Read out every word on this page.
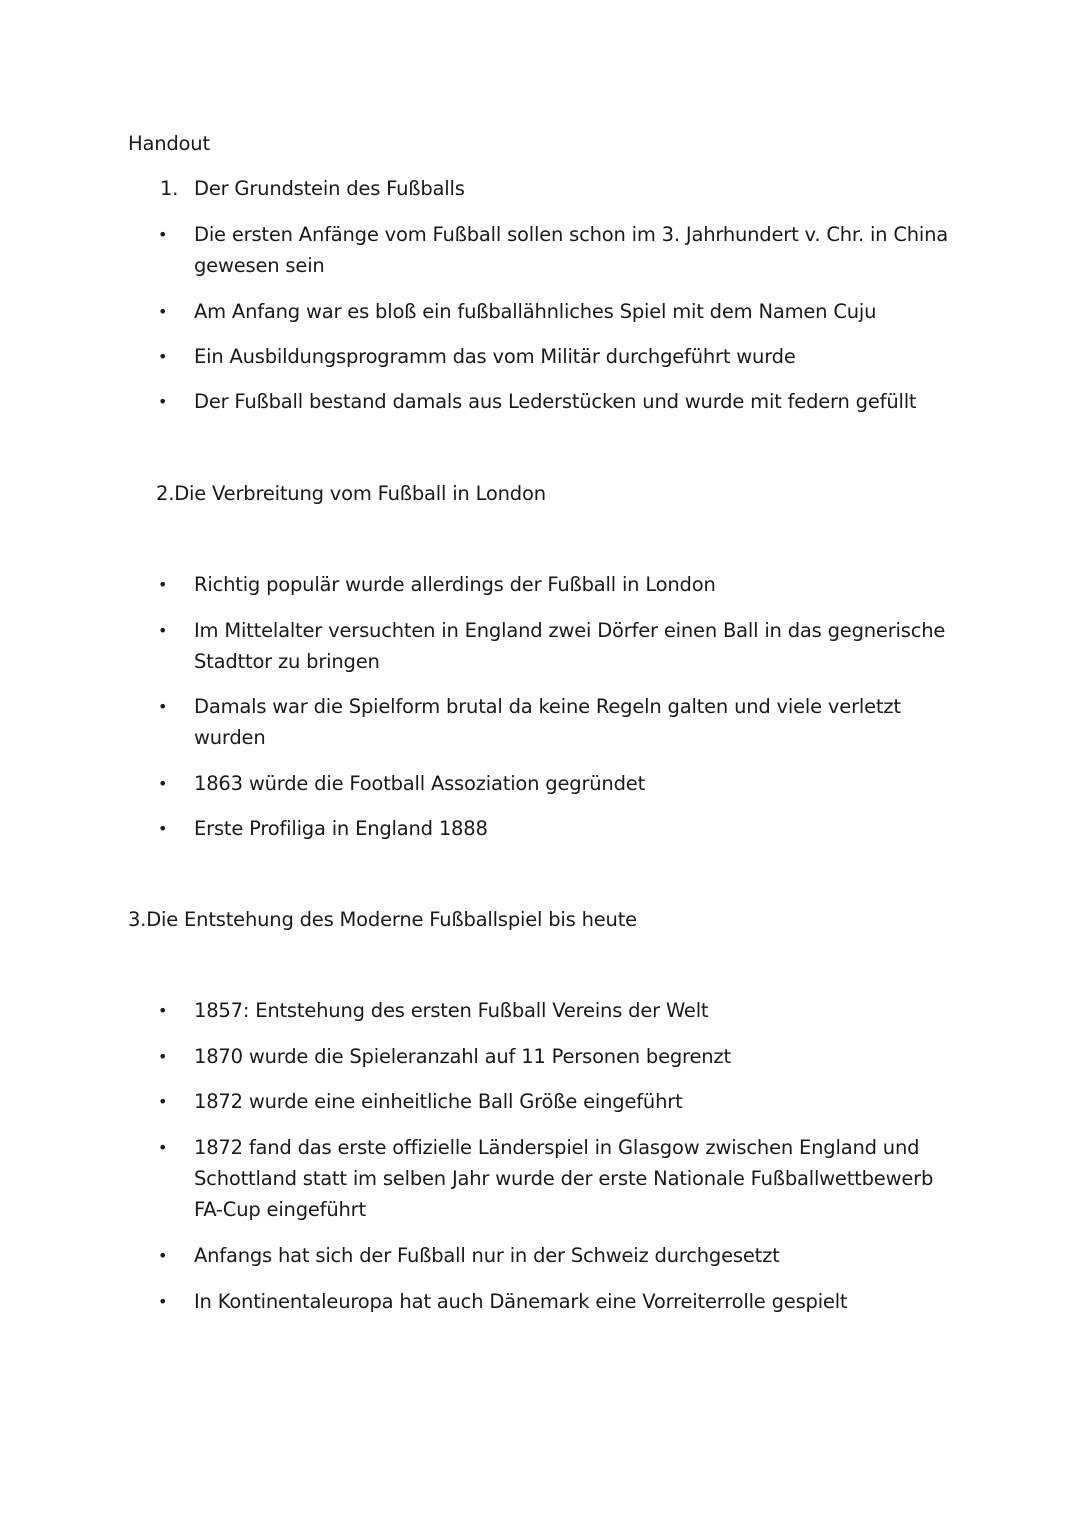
Handout
1. Der Grundstein des Fußballs
• Die ersten Anfänge vom Fußball sollen schon im 3. Jahrhundert v. Chr. in China
gewesen sein
• Am Anfang war es bloß ein fußballähnliches Spiel mit dem Namen Cuju
• Ein Ausbildungsprogramm das vom Militär durchgeführt wurde
• Der Fußball bestand damals aus Lederstücken und wurde mit federn gefüllt
2.Die Verbreitung vom Fußball in London
• Richtig populär wurde allerdings der Fußball in London
• Im Mittelalter versuchten in England zwei Dörfer einen Ball in das gegnerische
Stadttor zu bringen
• Damals war die Spielform brutal da keine Regeln galten und viele verletzt
wurden
• 1863 würde die Football Assoziation gegründet
• Erste Profiliga in England 1888
3.Die Entstehung des Moderne Fußballspiel bis heute
• 1857: Entstehung des ersten Fußball Vereins der Welt
• 1870 wurde die Spieleranzahl auf 11 Personen begrenzt
• 1872 wurde eine einheitliche Ball Größe eingeführt
• 1872 fand das erste offizielle Länderspiel in Glasgow zwischen England und
Schottland statt im selben Jahr wurde der erste Nationale Fußballwettbewerb
FA-Cup eingeführt
• Anfangs hat sich der Fußball nur in der Schweiz durchgesetzt
• In Kontinentaleuropa hat auch Dänemark eine Vorreiterrolle gespielt
